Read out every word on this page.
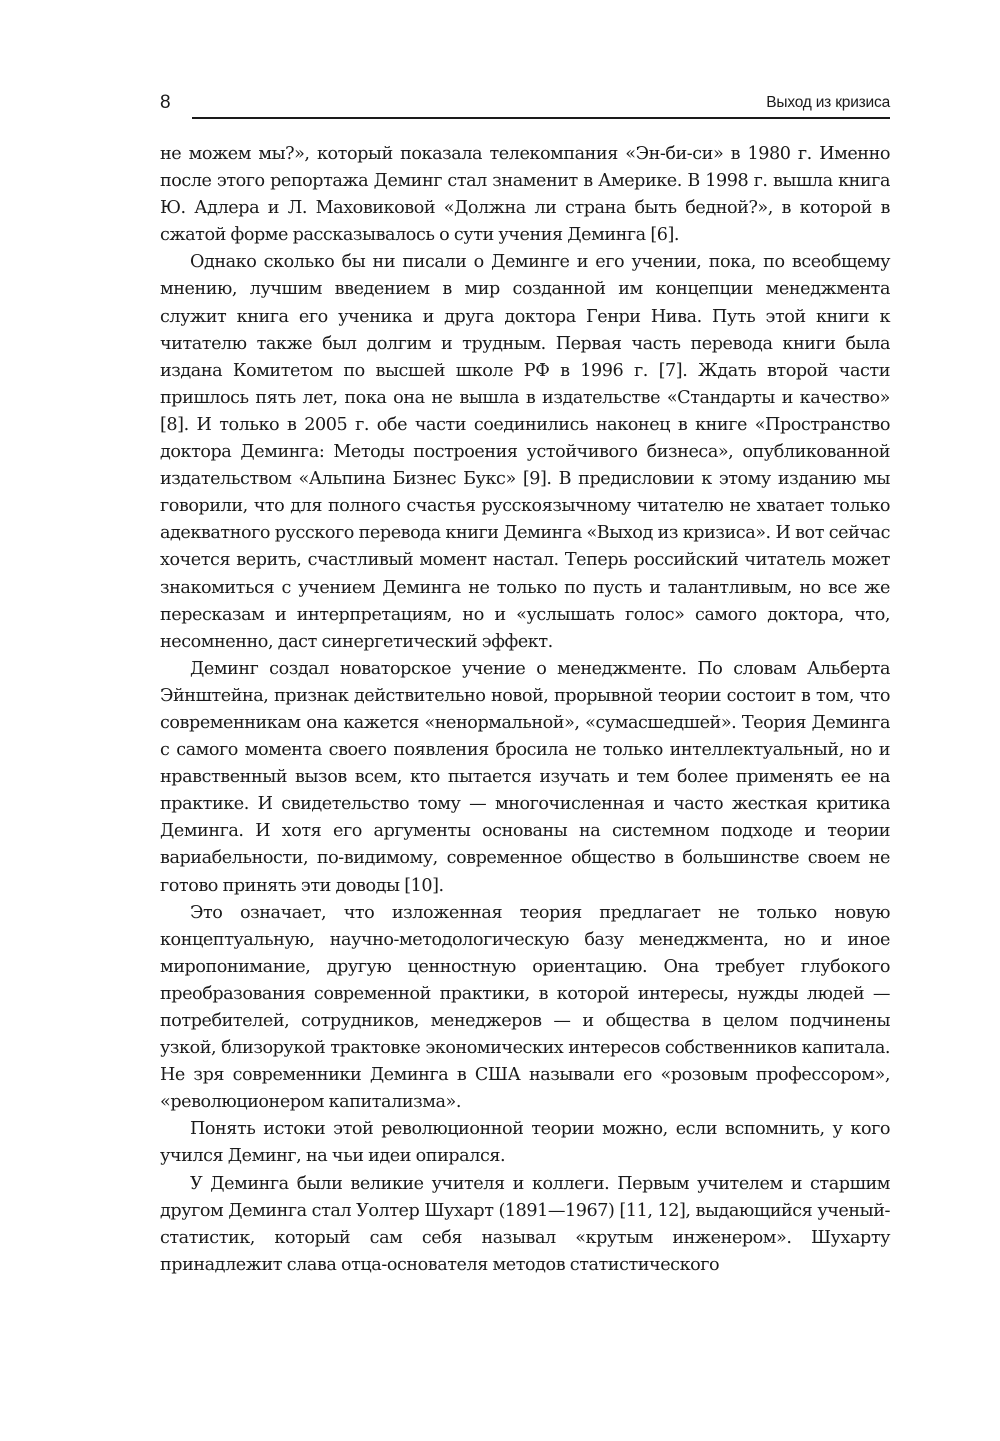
8	Выход из кризиса

не можем мы?», который показала телекомпания «Эн-би-си» в 1980 г. Именно после этого репортажа Деминг стал знаменит в Америке. В 1998 г. вышла книга Ю. Адлера и Л. Маховиковой «Должна ли страна быть бедной?», в которой в сжатой форме рассказывалось о сути учения Деминга [6].

Однако сколько бы ни писали о Деминге и его учении, пока, по всеобщему мнению, лучшим введением в мир созданной им концепции менеджмента служит книга его ученика и друга доктора Генри Нива. Путь этой книги к читателю также был долгим и трудным. Первая часть перевода книги была издана Комитетом по высшей школе РФ в 1996 г. [7]. Ждать второй части пришлось пять лет, пока она не вышла в издательстве «Стандарты и качество» [8]. И только в 2005 г. обе части соединились наконец в книге «Пространство доктора Деминга: Методы построения устойчивого бизнеса», опубликованной издательством «Альпина Бизнес Букс» [9]. В предисловии к этому изданию мы говорили, что для полного счастья русскоязычному читателю не хватает только адекватного русского перевода книги Деминга «Выход из кризиса». И вот сейчас хочется верить, счастливый момент настал. Теперь российский читатель может знакомиться с учением Деминга не только по пусть и талантливым, но все же пересказам и интерпретациям, но и «услышать голос» самого доктора, что, несомненно, даст синергетический эффект.

Деминг создал новаторское учение о менеджменте. По словам Альберта Эйнштейна, признак действительно новой, прорывной теории состоит в том, что современникам она кажется «ненормальной», «сумасшедшей». Теория Деминга с самого момента своего появления бросила не только интеллектуальный, но и нравственный вызов всем, кто пытается изучать и тем более применять ее на практике. И свидетельство тому — многочисленная и часто жесткая критика Деминга. И хотя его аргументы основаны на системном подходе и теории вариабельности, по-видимому, современное общество в большинстве своем не готово принять эти доводы [10].

Это означает, что изложенная теория предлагает не только новую концептуальную, научно-методологическую базу менеджмента, но и иное миропонимание, другую ценностную ориентацию. Она требует глубокого преобразования современной практики, в которой интересы, нужды людей — потребителей, сотрудников, менеджеров — и общества в целом подчинены узкой, близорукой трактовке экономических интересов собственников капитала. Не зря современники Деминга в США называли его «розовым профессором», «революционером капитализма».

Понять истоки этой революционной теории можно, если вспомнить, у кого учился Деминг, на чьи идеи опирался.

У Деминга были великие учителя и коллеги. Первым учителем и старшим другом Деминга стал Уолтер Шухарт (1891—1967) [11, 12], выдающийся ученый-статистик, который сам себя называл «крутым инженером». Шухарту принадлежит слава отца-основателя методов статистического
